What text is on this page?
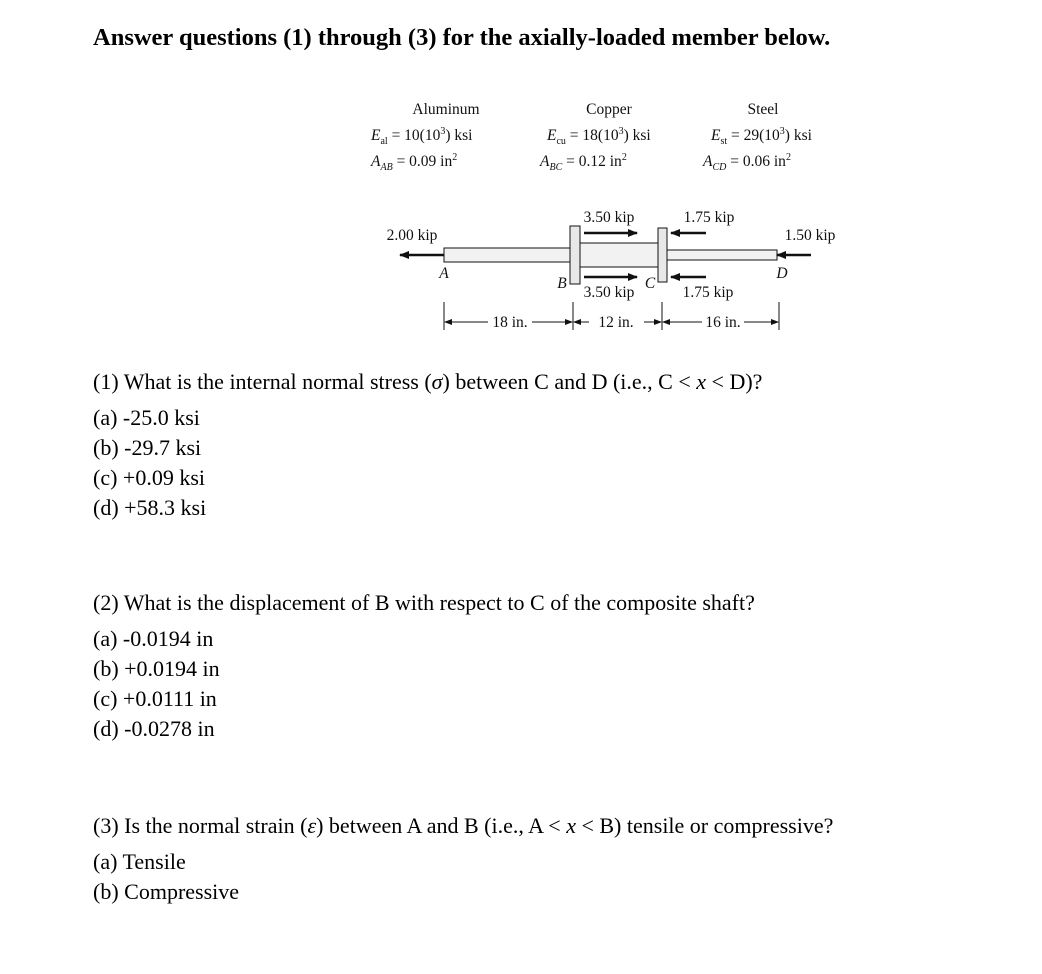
Answer questions (1) through (3) for the axially-loaded member below.
Aluminum
$E_{al} = 10(10^3)$ ksi
$A_{AB} = 0.09$ $in^2$
Copper
$E_{cu} = 18(10^3)$ ksi
$A_{BC} = 0.12$ $in^2$
Steel
$E_{st} = 29(10^3)$ ksi
$A_{CD} = 0.06$ $in^2$
2.00 kip
3.50 kip	1.75 kip
1.50 kip
3.50 kip	1.75 kip
A
B	C
D
18 in.	12 in.	16 in.
(1) What is the internal normal stress (σ) between C and D (i.e., C < x < D)?
(a) -25.0 ksi
(b) -29.7 ksi
(c) +0.09 ksi
(d) +58.3 ksi
(2) What is the displacement of B with respect to C of the composite shaft?
(a) -0.0194 in
(b) +0.0194 in
(c) +0.0111 in
(d) -0.0278 in
(3) Is the normal strain (ε) between A and B (i.e., A < x < B) tensile or compressive?
(a) Tensile
(b) Compressive
